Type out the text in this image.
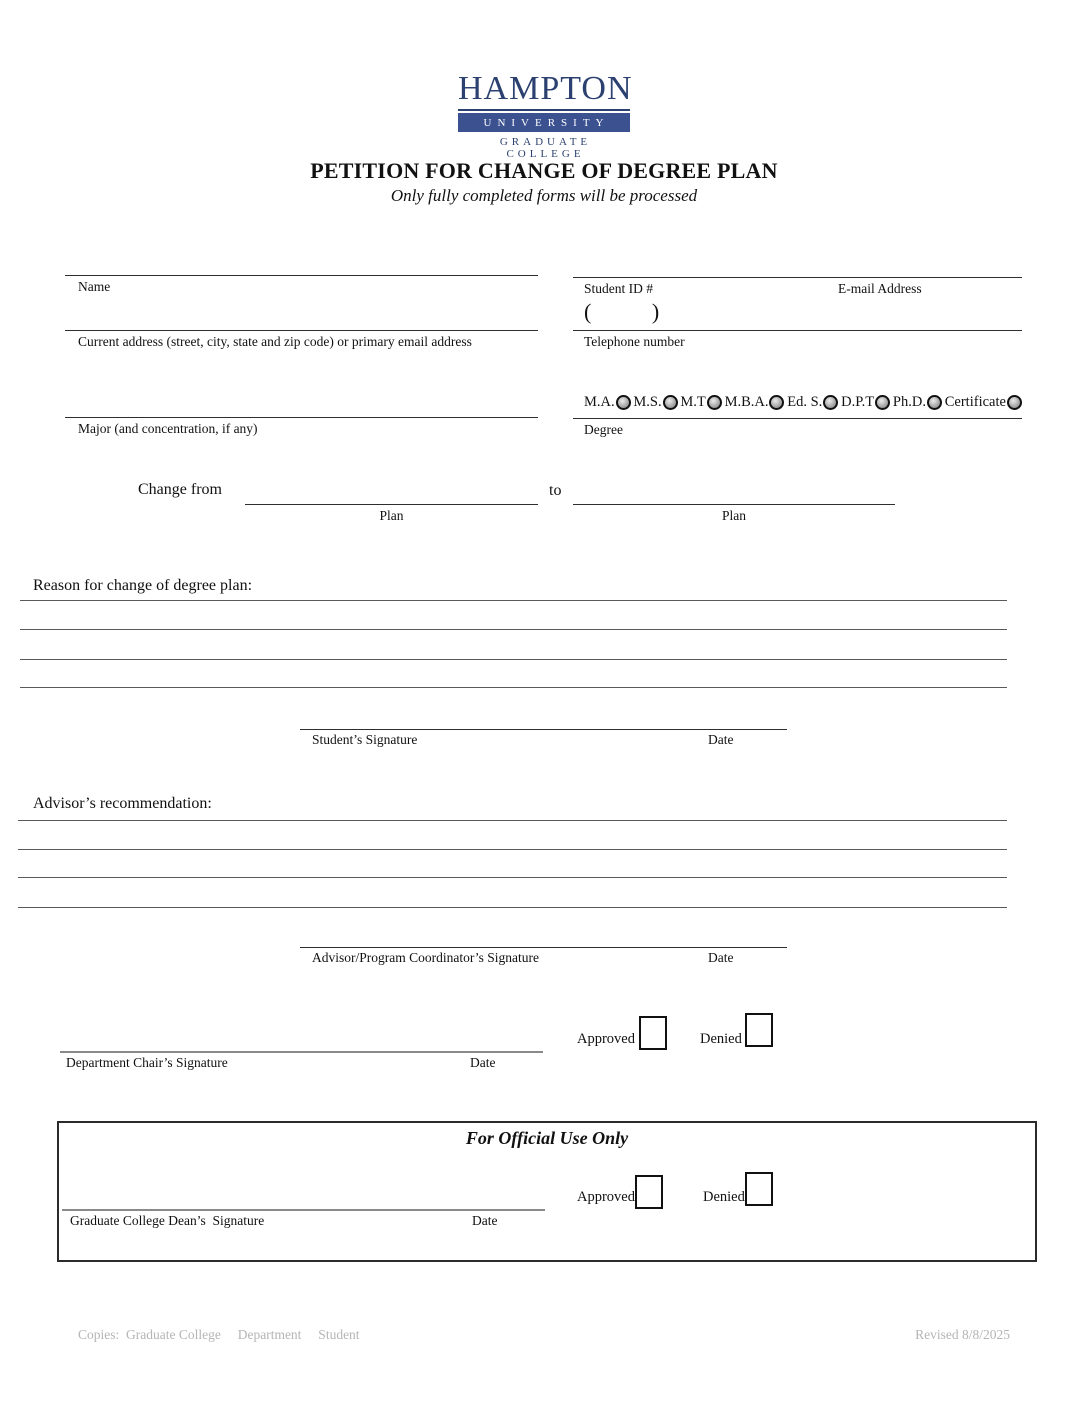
HAMPTON
UNIVERSITY
GRADUATE COLLEGE
PETITION FOR CHANGE OF DEGREE PLAN
Only fully completed forms will be processed
Name	Student ID #	E-mail Address
(           )
Current address (street, city, state and zip code) or primary email address	Telephone number
M.A. M.S. M.T M.B.A. Ed. S. D.P.T Ph.D. Certificate
Major (and concentration, if any)	Degree
Change from
Plan
to
Plan
Reason for change of degree plan:
Student’s Signature	Date
Advisor’s recommendation:
Advisor/Program Coordinator’s Signature	Date
Approved	Denied
Department Chair’s Signature	Date
For Official Use Only
Approved	Denied
Graduate College Dean’s  Signature	Date
Copies:  Graduate College     Department     Student	Revised 8/8/2025
